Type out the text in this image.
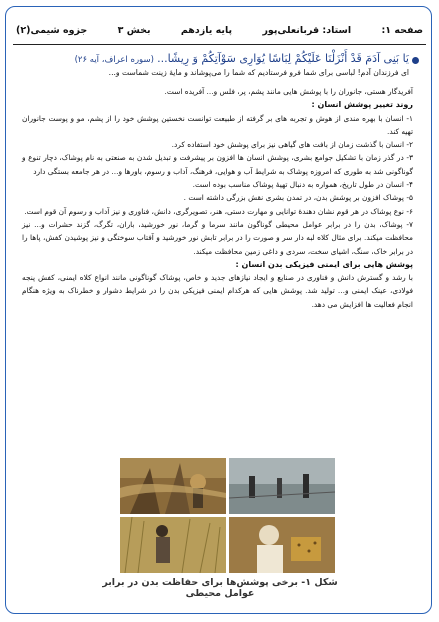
جزوه شیمی(۲)	بخش ۳	پایه یازدهم	استاد: قربانعلی‌پور	صفحه ۱:
یَا بَنِی آدَمَ قَدْ أَنْزَلْنَا عَلَیْکُمْ لِبَاسًا یُوَارِی سَوْآتِکُمْ وَ رِیشًا... (سوره اعراف، آیه ۲۶)
ای فرزندان آدم! لباسی برای شما فرو فرستادیم که شما را می‌پوشاند و مایهٔ زینت شماست و...
آفریدگار هستی، جانوران را با پوشش هایی مانند پشم، پر، فلس و... آفریده است.
روند تغییر پوشش انسان :
۱- انسان با بهره مندی از هوش و تجربه های بر گرفته از طبیعت توانست نخستین پوشش خود را از پشم، مو و پوست جانوران تهیه کند.
۲- انسان با گذشت زمان از بافت های گیاهی نیز برای پوشش خود استفاده کرد.
۳- در گذر زمان با تشکیل جوامع بشری، پوشش انسان ها افزون بر پیشرفت و تبدیل شدن به صنعتی به نام پوشاک، دچار تنوع و گوناگونی شد به طوری که امروزه پوشاک به شرایط آب و هوایی، فرهنگ، آداب و رسوم، باورها و... در هر جامعه بستگی دارد
۴- انسان در طول تاریخ، همواره به دنبال تهیهٔ پوشاک مناسب بوده است.
۵- پوشاک افزون بر پوشش بدن، در تمدن بشری نقش بزرگی داشته است .
۶- نوع پوشاک در هر قوم نشان دهندهٔ توانایی و مهارت دستی، هنر، تصویرگری، دانش، فناوری و نیز آداب و رسوم آن قوم است.
۷- پوشاک، بدن را در برابر عوامل محیطی گوناگون مانند سرما و گرما، نور خورشید، باران، تگرگ، گزند حشرات و... نیز محافظت میکند. برای مثال کلاه لبه دار سر و صورت را در برابر تابش نور خورشید و آفتاب سوختگی و نیز پوشیدن کفش، پاها را در برابر خاک، سنگ، اشیای سخت، سردی و داغی زمین محافظت میکند.
پوشش هایی برای ایمنی فیزیکی بدن انسان :
با رشد و گسترش دانش و فناوری در صنایع و ایجاد نیازهای جدید و خاص، پوشاک گوناگونی مانند انواع کلاه ایمنی، کفش پنجه فولادی، عینک ایمنی و... تولید شد. پوشش هایی که هرکدام ایمنی فیزیکی بدن را در شرایط دشوار و خطرناک به ویژه هنگام انجام فعالیت ها افزایش می دهد.
شکل ۱- برخی پوشش‌ها برای حفاظت بدن در برابر عوامل محیطی
